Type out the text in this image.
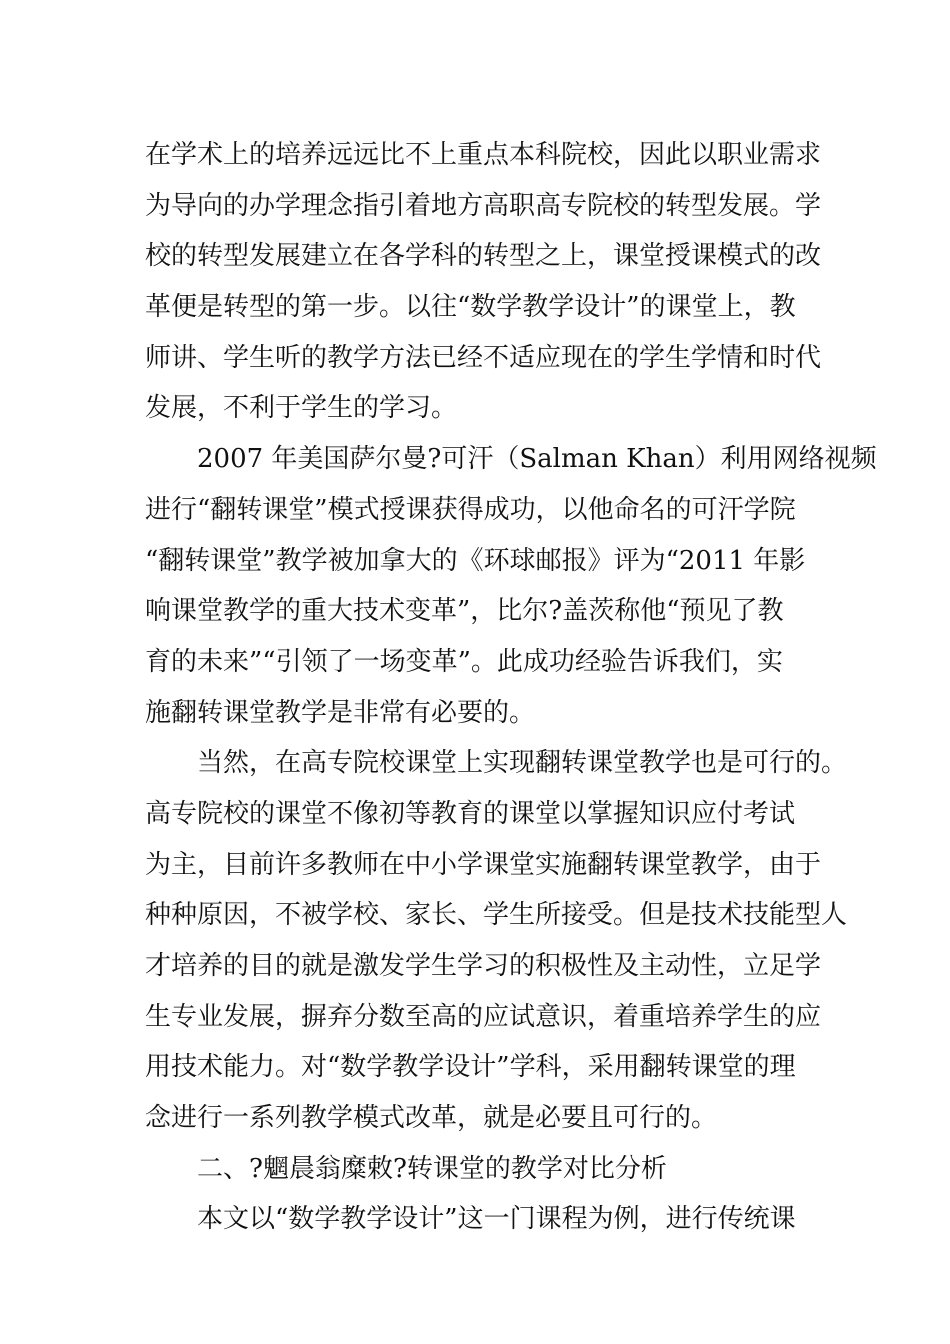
在学术上的培养远远比不上重点本科院校，因此以职业需求
为导向的办学理念指引着地方高职高专院校的转型发展。学
校的转型发展建立在各学科的转型之上，课堂授课模式的改
革便是转型的第一步。以往“数学教学设计”的课堂上，教
师讲、学生听的教学方法已经不适应现在的学生学情和时代
发展，不利于学生的学习。
　　2007 年美国萨尔曼?可汗（Salman Khan）利用网络视频
进行“翻转课堂”模式授课获得成功，以他命名的可汗学院
“翻转课堂”教学被加拿大的《环球邮报》评为“2011 年影
响课堂教学的重大技术变革”，比尔?盖茨称他“预见了教
育的未来”“引领了一场变革”。此成功经验告诉我们，实
施翻转课堂教学是非常有必要的。
　　当然，在高专院校课堂上实现翻转课堂教学也是可行的。
高专院校的课堂不像初等教育的课堂以掌握知识应付考试
为主，目前许多教师在中小学课堂实施翻转课堂教学，由于
种种原因，不被学校、家长、学生所接受。但是技术技能型人
才培养的目的就是激发学生学习的积极性及主动性，立足学
生专业发展，摒弃分数至高的应试意识，着重培养学生的应
用技术能力。对“数学教学设计”学科，采用翻转课堂的理
念进行一系列教学模式改革，就是必要且可行的。
　　二、?魍晨翁糜敕?转课堂的教学对比分析
　　本文以“数学教学设计”这一门课程为例，进行传统课
